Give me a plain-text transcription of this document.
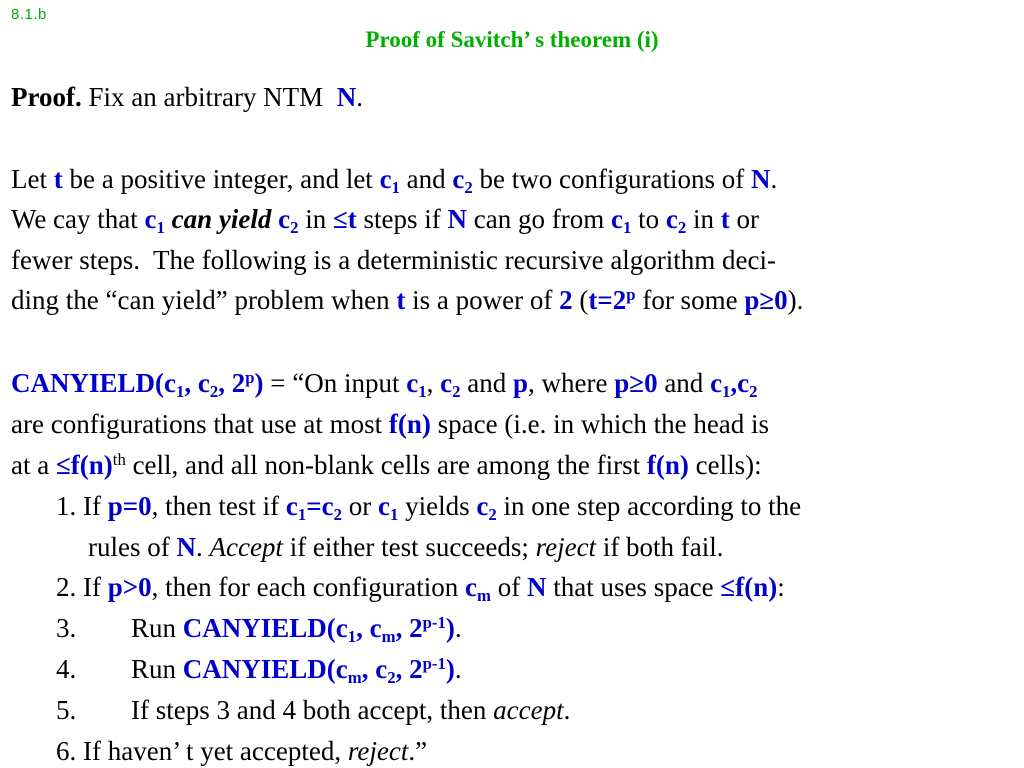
8.1.b
Proof of Savitch’ s theorem (i)
Proof. Fix an arbitrary NTM  N.
Let t be a positive integer, and let $c_1$ and $c_2$ be two configurations of N.
We cay that $c_1$ can yield $c_2$ in ≤t steps if N can go from $c_1$ to $c_2$ in t or
fewer steps.  The following is a deterministic recursive algorithm deci-
ding the “can yield” problem when t is a power of 2 ($t=2^p$ for some p≥0).
$CANYIELD(c_1$, $c_2$, $2^p$) = “On input $c_1$, $c_2$ and p, where p≥0 and $c_1,c_2$
are configurations that use at most f(n) space (i.e. in which the head is
at $a \le f(n)^{th}$ cell, and all non-blank cells are among the first f(n) cells):
1. If p=0, then test if $c_1=c_2$ or $c_1$ yields $c_2$ in one step according to the
rules of N. Accept if either test succeeds; reject if both fail.
2. If p>0, then for each configuration $c_m$ of N that uses space ≤f(n):
3. Run $CANYIELD(c_1$, $c_m$, 2$^{p-1}$).
4. Run $CANYIELD(c_m$, $c_2$, 2$^{p-1}$).
5. If steps 3 and 4 both accept, then accept.
6. If haven’ t yet accepted, reject.”
